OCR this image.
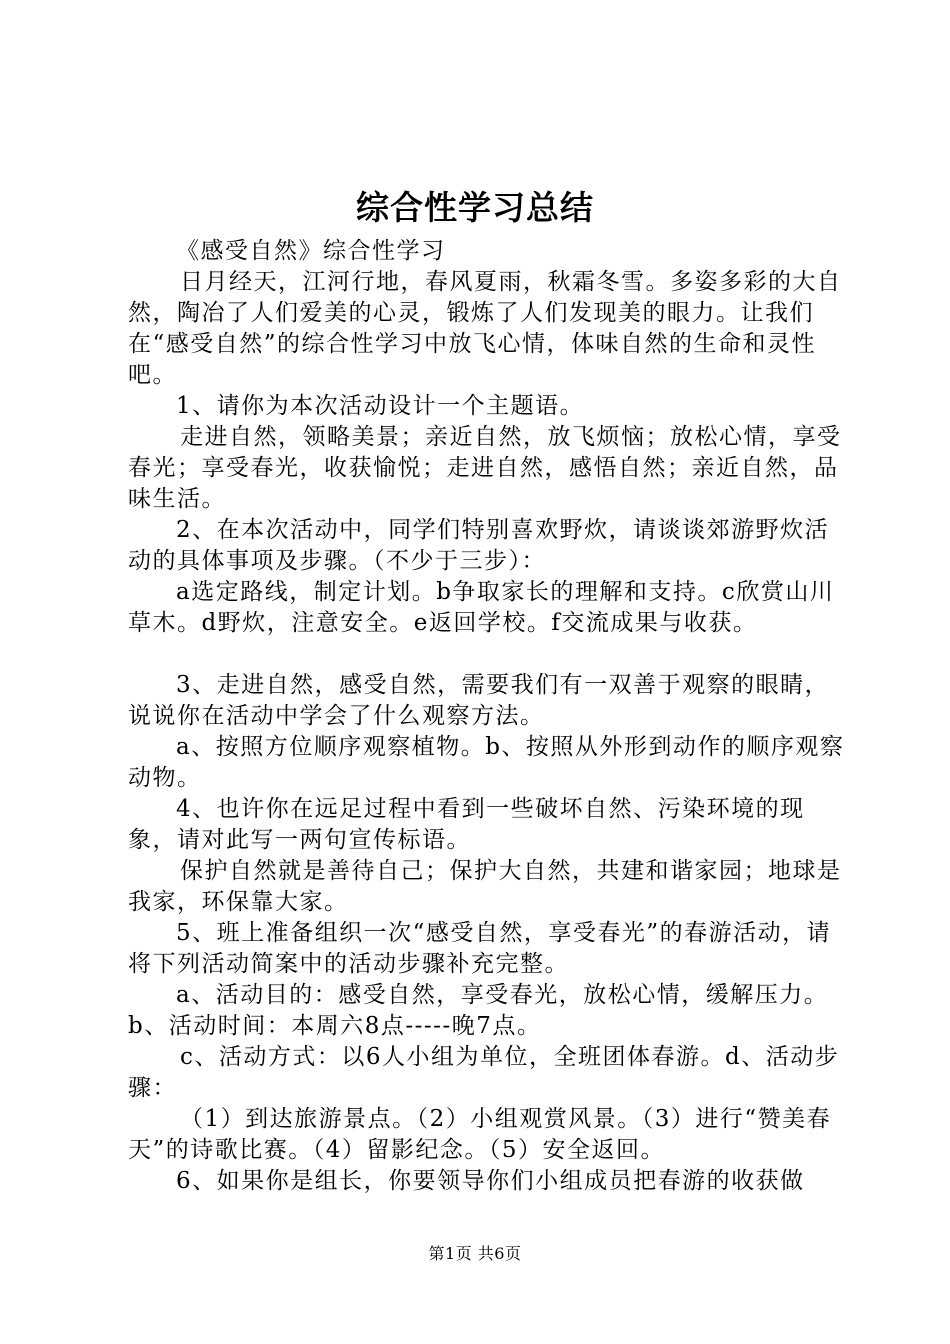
综合性学习总结

《感受自然》综合性学习

日月经天，江河行地，春风夏雨，秋霜冬雪。多姿多彩的大自然，陶冶了人们爱美的心灵，锻炼了人们发现美的眼力。让我们在“感受自然”的综合性学习中放飞心情，体味自然的生命和灵性吧。

1、请你为本次活动设计一个主题语。

走进自然，领略美景；亲近自然，放飞烦恼；放松心情，享受春光；享受春光，收获愉悦；走进自然，感悟自然；亲近自然，品味生活。

2、在本次活动中，同学们特别喜欢野炊，请谈谈郊游野炊活动的具体事项及步骤。（不少于三步）：

a选定路线，制定计划。b争取家长的理解和支持。c欣赏山川草木。d野炊，注意安全。e返回学校。f交流成果与收获。

3、走进自然，感受自然，需要我们有一双善于观察的眼睛，说说你在活动中学会了什么观察方法。

a、按照方位顺序观察植物。b、按照从外形到动作的顺序观察动物。

4、也许你在远足过程中看到一些破坏自然、污染环境的现象，请对此写一两句宣传标语。

保护自然就是善待自己；保护大自然，共建和谐家园；地球是我家，环保靠大家。

5、班上准备组织一次“感受自然，享受春光”的春游活动，请将下列活动简案中的活动步骤补充完整。

a、活动目的：感受自然，享受春光，放松心情，缓解压力。b、活动时间：本周六8点-----晚7点。

c、活动方式：以6人小组为单位，全班团体春游。d、活动步骤：

（1）到达旅游景点。（2）小组观赏风景。（3）进行“赞美春天”的诗歌比赛。（4）留影纪念。（5）安全返回。

6、如果你是组长，你要领导你们小组成员把春游的收获做

第1页 共6页
